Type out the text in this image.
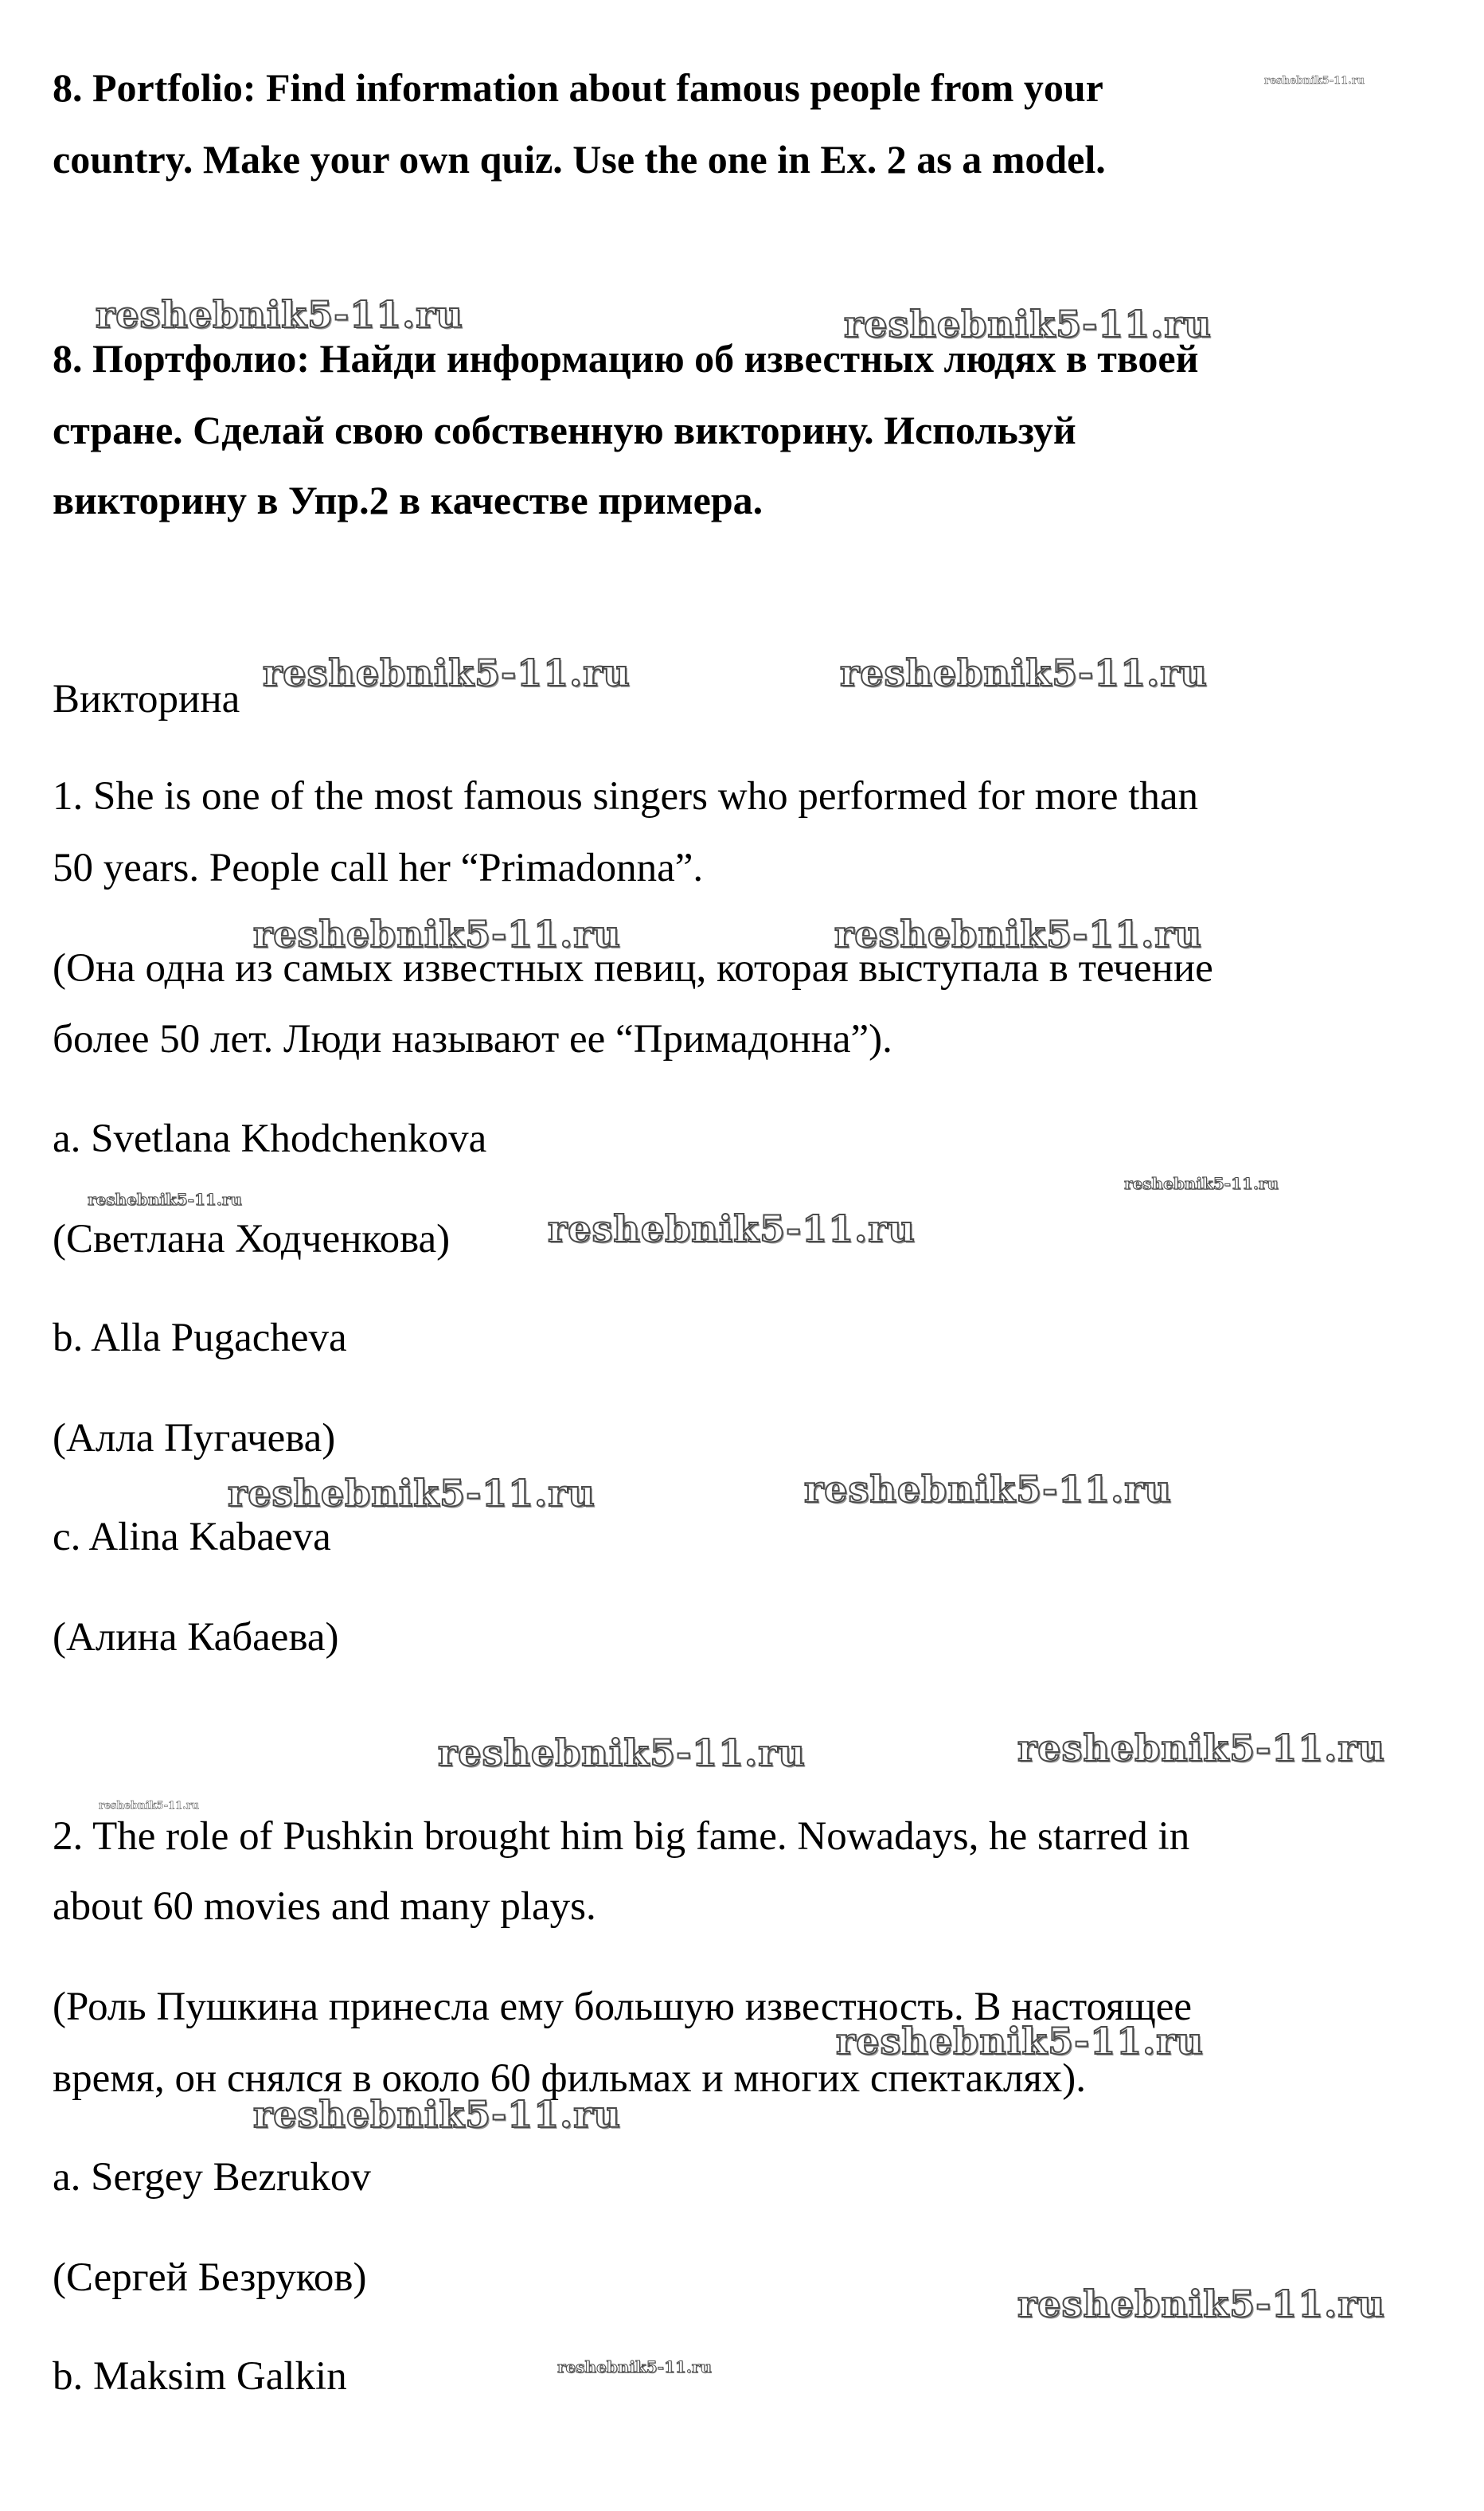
8. Portfolio: Find information about famous people from your
country. Make your own quiz. Use the one in Ex. 2 as a model.
8. Портфолио: Найди информацию об известных людях в твоей
стране. Сделай свою собственную викторину. Используй
викторину в Упр.2 в качестве примера.
Викторина
1. She is one of the most famous singers who performed for more than
50 years. People call her “Primadonna”.
(Она одна из самых известных певиц, которая выступала в течение
более 50 лет. Люди называют ее “Примадонна”).
a. Svetlana Khodchenkova
(Светлана Ходченкова)
b. Alla Pugacheva
(Алла Пугачева)
c. Alina Kabaeva
(Алина Кабаева)
2. The role of Pushkin brought him big fame. Nowadays, he starred in
about 60 movies and many plays.
(Роль Пушкина принесла ему большую известность. В настоящее
время, он снялся в около 60 фильмах и многих спектаклях).
a. Sergey Bezrukov
(Сергей Безруков)
b. Maksim Galkin
reshebnik5-11.ru
reshebnik5-11.ru	reshebnik5-11.ru
reshebnik5-11.ru	reshebnik5-11.ru
reshebnik5-11.ru	reshebnik5-11.ru
reshebnik5-11.ru
reshebnik5-11.ru
reshebnik5-11.ru
reshebnik5-11.ru	reshebnik5-11.ru
reshebnik5-11.ru	reshebnik5-11.ru
reshebnik5-11.ru
reshebnik5-11.ru
reshebnik5-11.ru
reshebnik5-11.ru
reshebnik5-11.ru
